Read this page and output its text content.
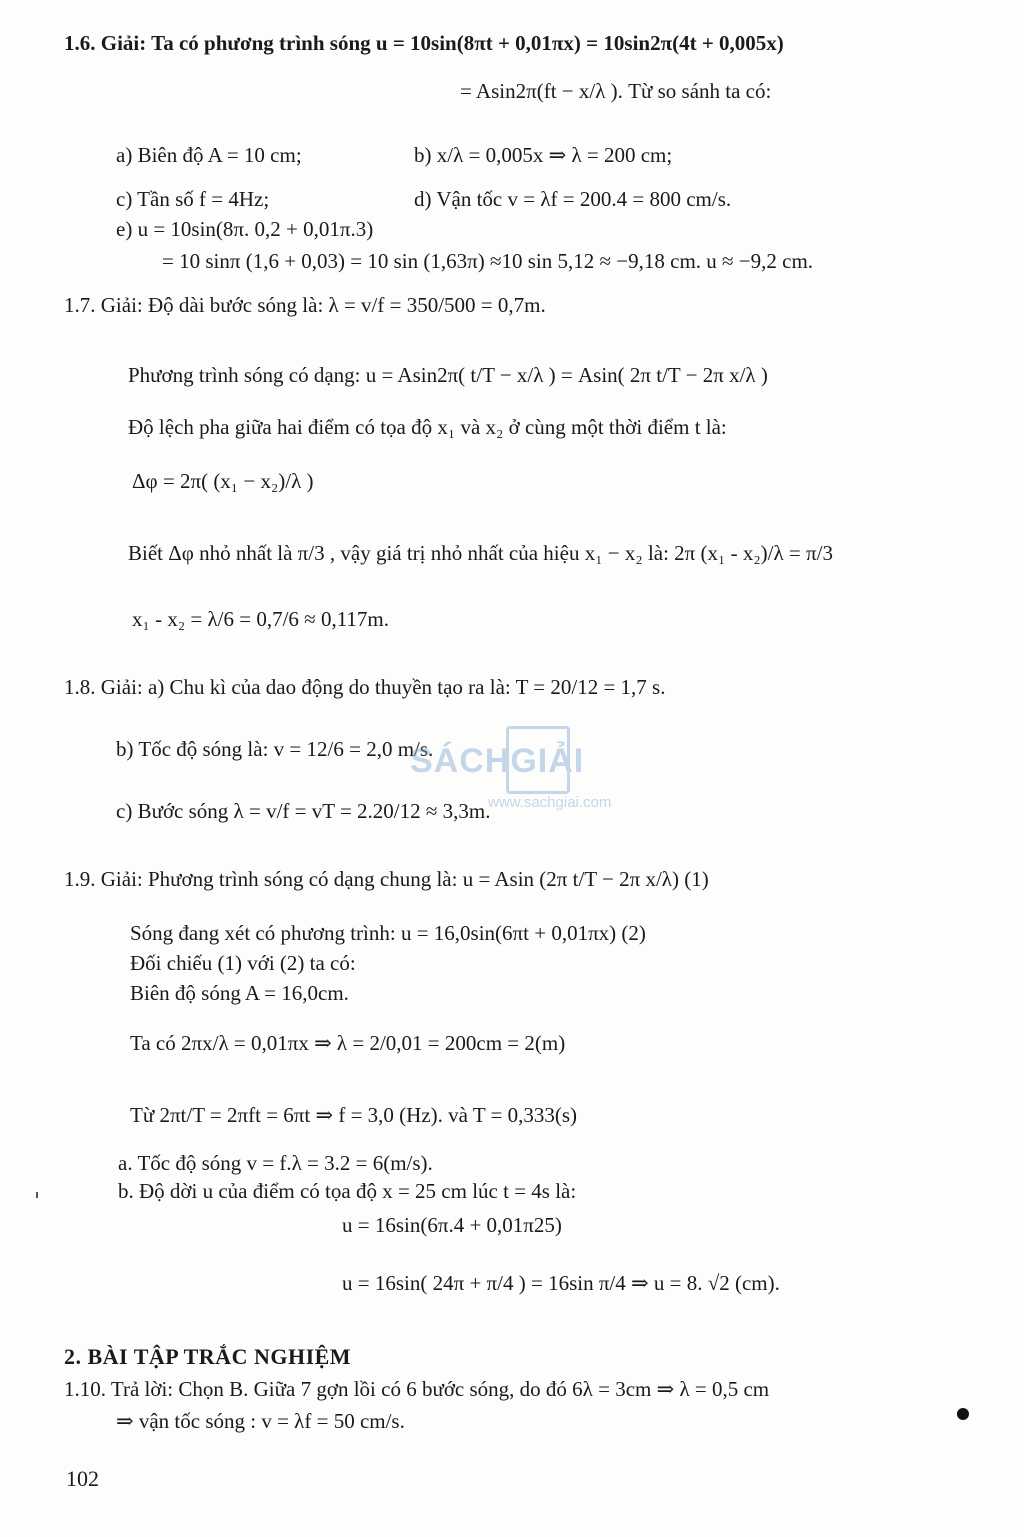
1.6. Giải: Ta có phương trình sóng u = 10sin(8πt + 0,01πx) = 10sin2π(4t + 0,005x)
= Asin2π(ft − x/λ ). Từ so sánh ta có:
a) Biên độ A = 10 cm;	b) x/λ = 0,005x ⇒ λ = 200 cm;
c) Tần số f = 4Hz;	d) Vận tốc v = λf = 200.4 = 800 cm/s.
e) u = 10sin(8π. 0,2 + 0,01π.3)
= 10 sinπ (1,6 + 0,03) = 10 sin (1,63π) ≈10 sin 5,12 ≈ −9,18 cm. u ≈ −9,2 cm.
1.7. Giải: Độ dài bước sóng là: λ = v/f = 350/500 = 0,7m.
Phương trình sóng có dạng: u = Asin2π( t/T − x/λ ) = Asin( 2π t/T − 2π x/λ )
Độ lệch pha giữa hai điểm có tọa độ x₁ và x₂ ở cùng một thời điểm t là:
Δφ = 2π( (x₁ − x₂)/λ )
Biết Δφ nhỏ nhất là π/3 , vậy giá trị nhỏ nhất của hiệu x₁ − x₂ là: 2π (x₁ - x₂)/λ = π/3
x₁ - x₂ = λ/6 = 0,7/6 ≈ 0,117m.
1.8. Giải: a) Chu kì của dao động do thuyền tạo ra là: T = 20/12 = 1,7 s.
b) Tốc độ sóng là: v = 12/6 = 2,0 m/s.
c) Bước sóng λ = v/f = vT = 2.20/12 ≈ 3,3m.
1.9. Giải: Phương trình sóng có dạng chung là: u = Asin (2π t/T − 2π x/λ) (1)
Sóng đang xét có phương trình: u = 16,0sin(6πt + 0,01πx) (2)
Đối chiếu (1) với (2) ta có:
Biên độ sóng A = 16,0cm.
Ta có 2πx/λ = 0,01πx ⇒ λ = 2/0,01 = 200cm = 2(m)
Từ 2πt/T = 2πft = 6πt ⇒ f = 3,0 (Hz). và T = 0,333(s)
a. Tốc độ sóng v = f.λ = 3.2 = 6(m/s).
b. Độ dời u của điểm có tọa độ x = 25 cm lúc t = 4s là:
u = 16sin(6π.4 + 0,01π25)
u = 16sin( 24π + π/4 ) = 16sin π/4 ⇒ u = 8. √2 (cm).
2. BÀI TẬP TRẮC NGHIỆM
1.10. Trả lời: Chọn B. Giữa 7 gợn lồi có 6 bước sóng, do đó 6λ = 3cm ⇒ λ = 0,5 cm
⇒ vận tốc sóng : v = λf = 50 cm/s.
SÁCHGIẢI
www.sachgiai.com
102
